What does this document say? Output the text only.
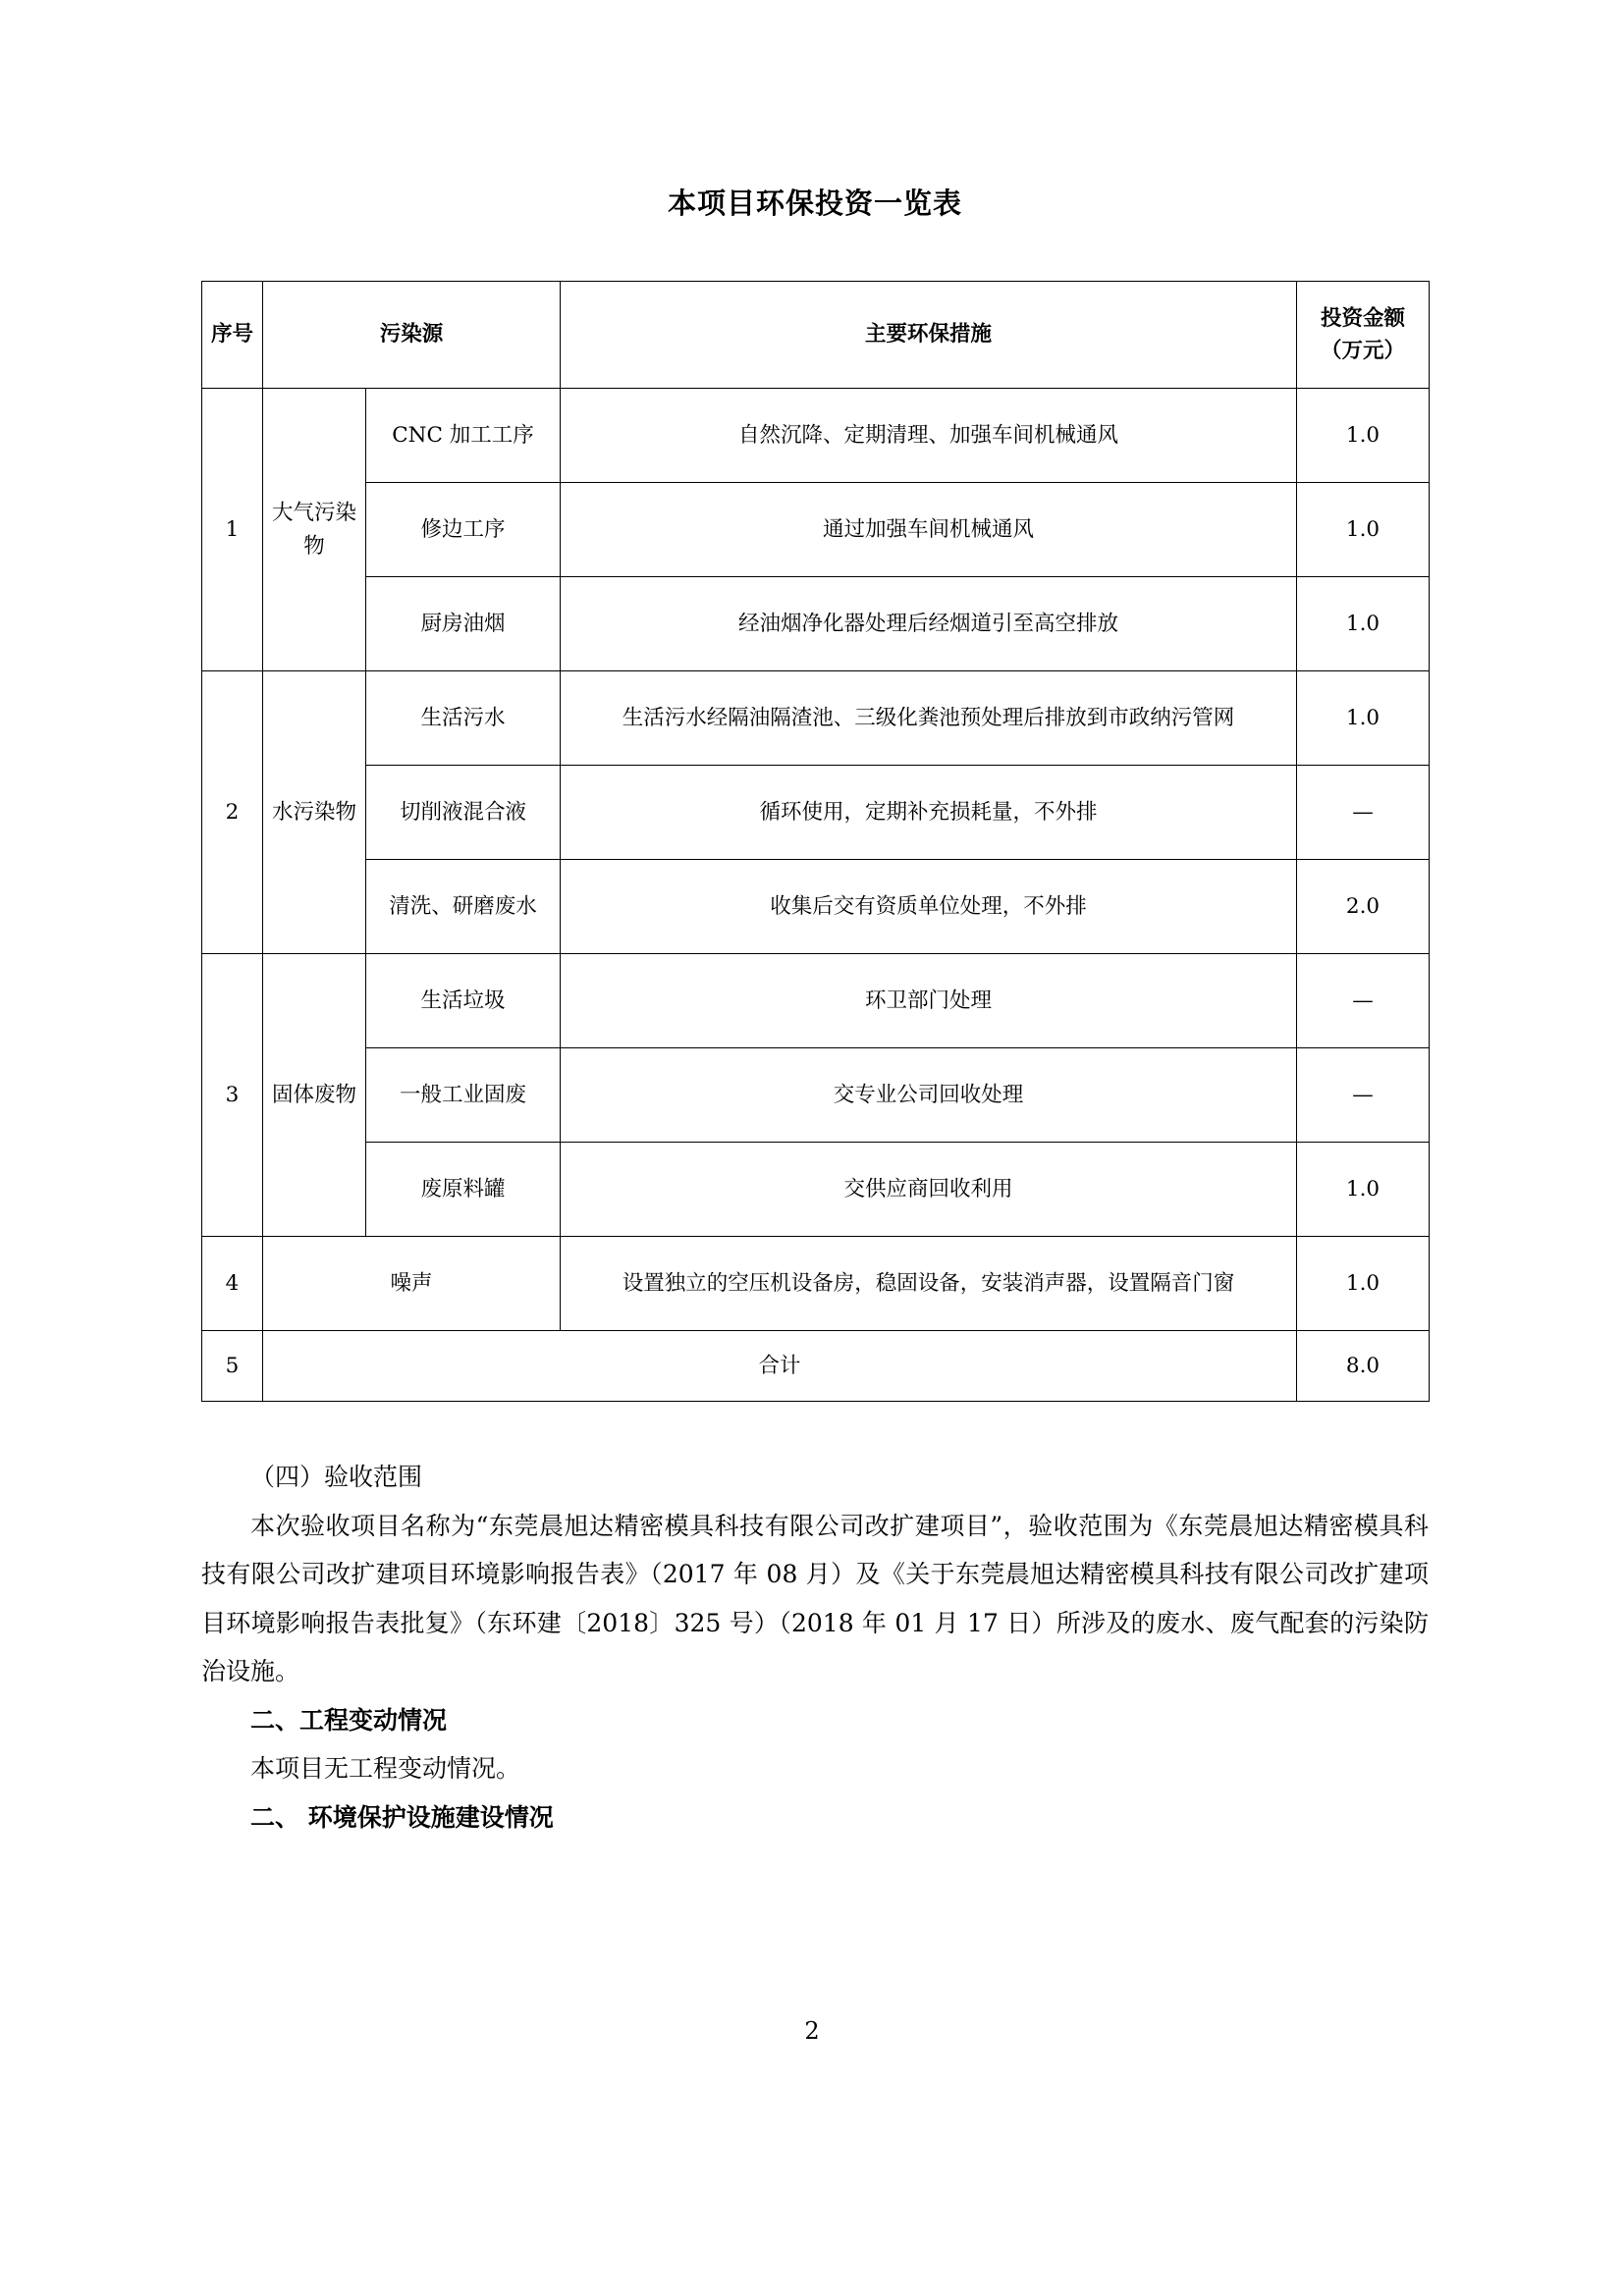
本项目环保投资一览表
序号	污染源		主要环保措施	投资金额（万元）
1	大气污染物	CNC 加工工序	自然沉降、定期清理、加强车间机械通风	1.0
		修边工序	通过加强车间机械通风	1.0
		厨房油烟	经油烟净化器处理后经烟道引至高空排放	1.0
2	水污染物	生活污水	生活污水经隔油隔渣池、三级化粪池预处理后排放到市政纳污管网	1.0
		切削液混合液	循环使用，定期补充损耗量，不外排	—
		清洗、研磨废水	收集后交有资质单位处理，不外排	2.0
3	固体废物	生活垃圾	环卫部门处理	—
		一般工业固废	交专业公司回收处理	—
		废原料罐	交供应商回收利用	1.0
4	噪声		设置独立的空压机设备房，稳固设备，安装消声器，设置隔音门窗	1.0
5	合计			8.0

（四）验收范围

本次验收项目名称为“东莞晨旭达精密模具科技有限公司改扩建项目”，验收范围为《东莞晨旭达精密模具科技有限公司改扩建项目环境影响报告表》（2017 年 08 月）及《关于东莞晨旭达精密模具科技有限公司改扩建项目环境影响报告表批复》（东环建〔2018〕325 号）（2018 年 01 月 17 日）所涉及的废水、废气配套的污染防治设施。

二、工程变动情况

本项目无工程变动情况。

二、 环境保护设施建设情况

2
